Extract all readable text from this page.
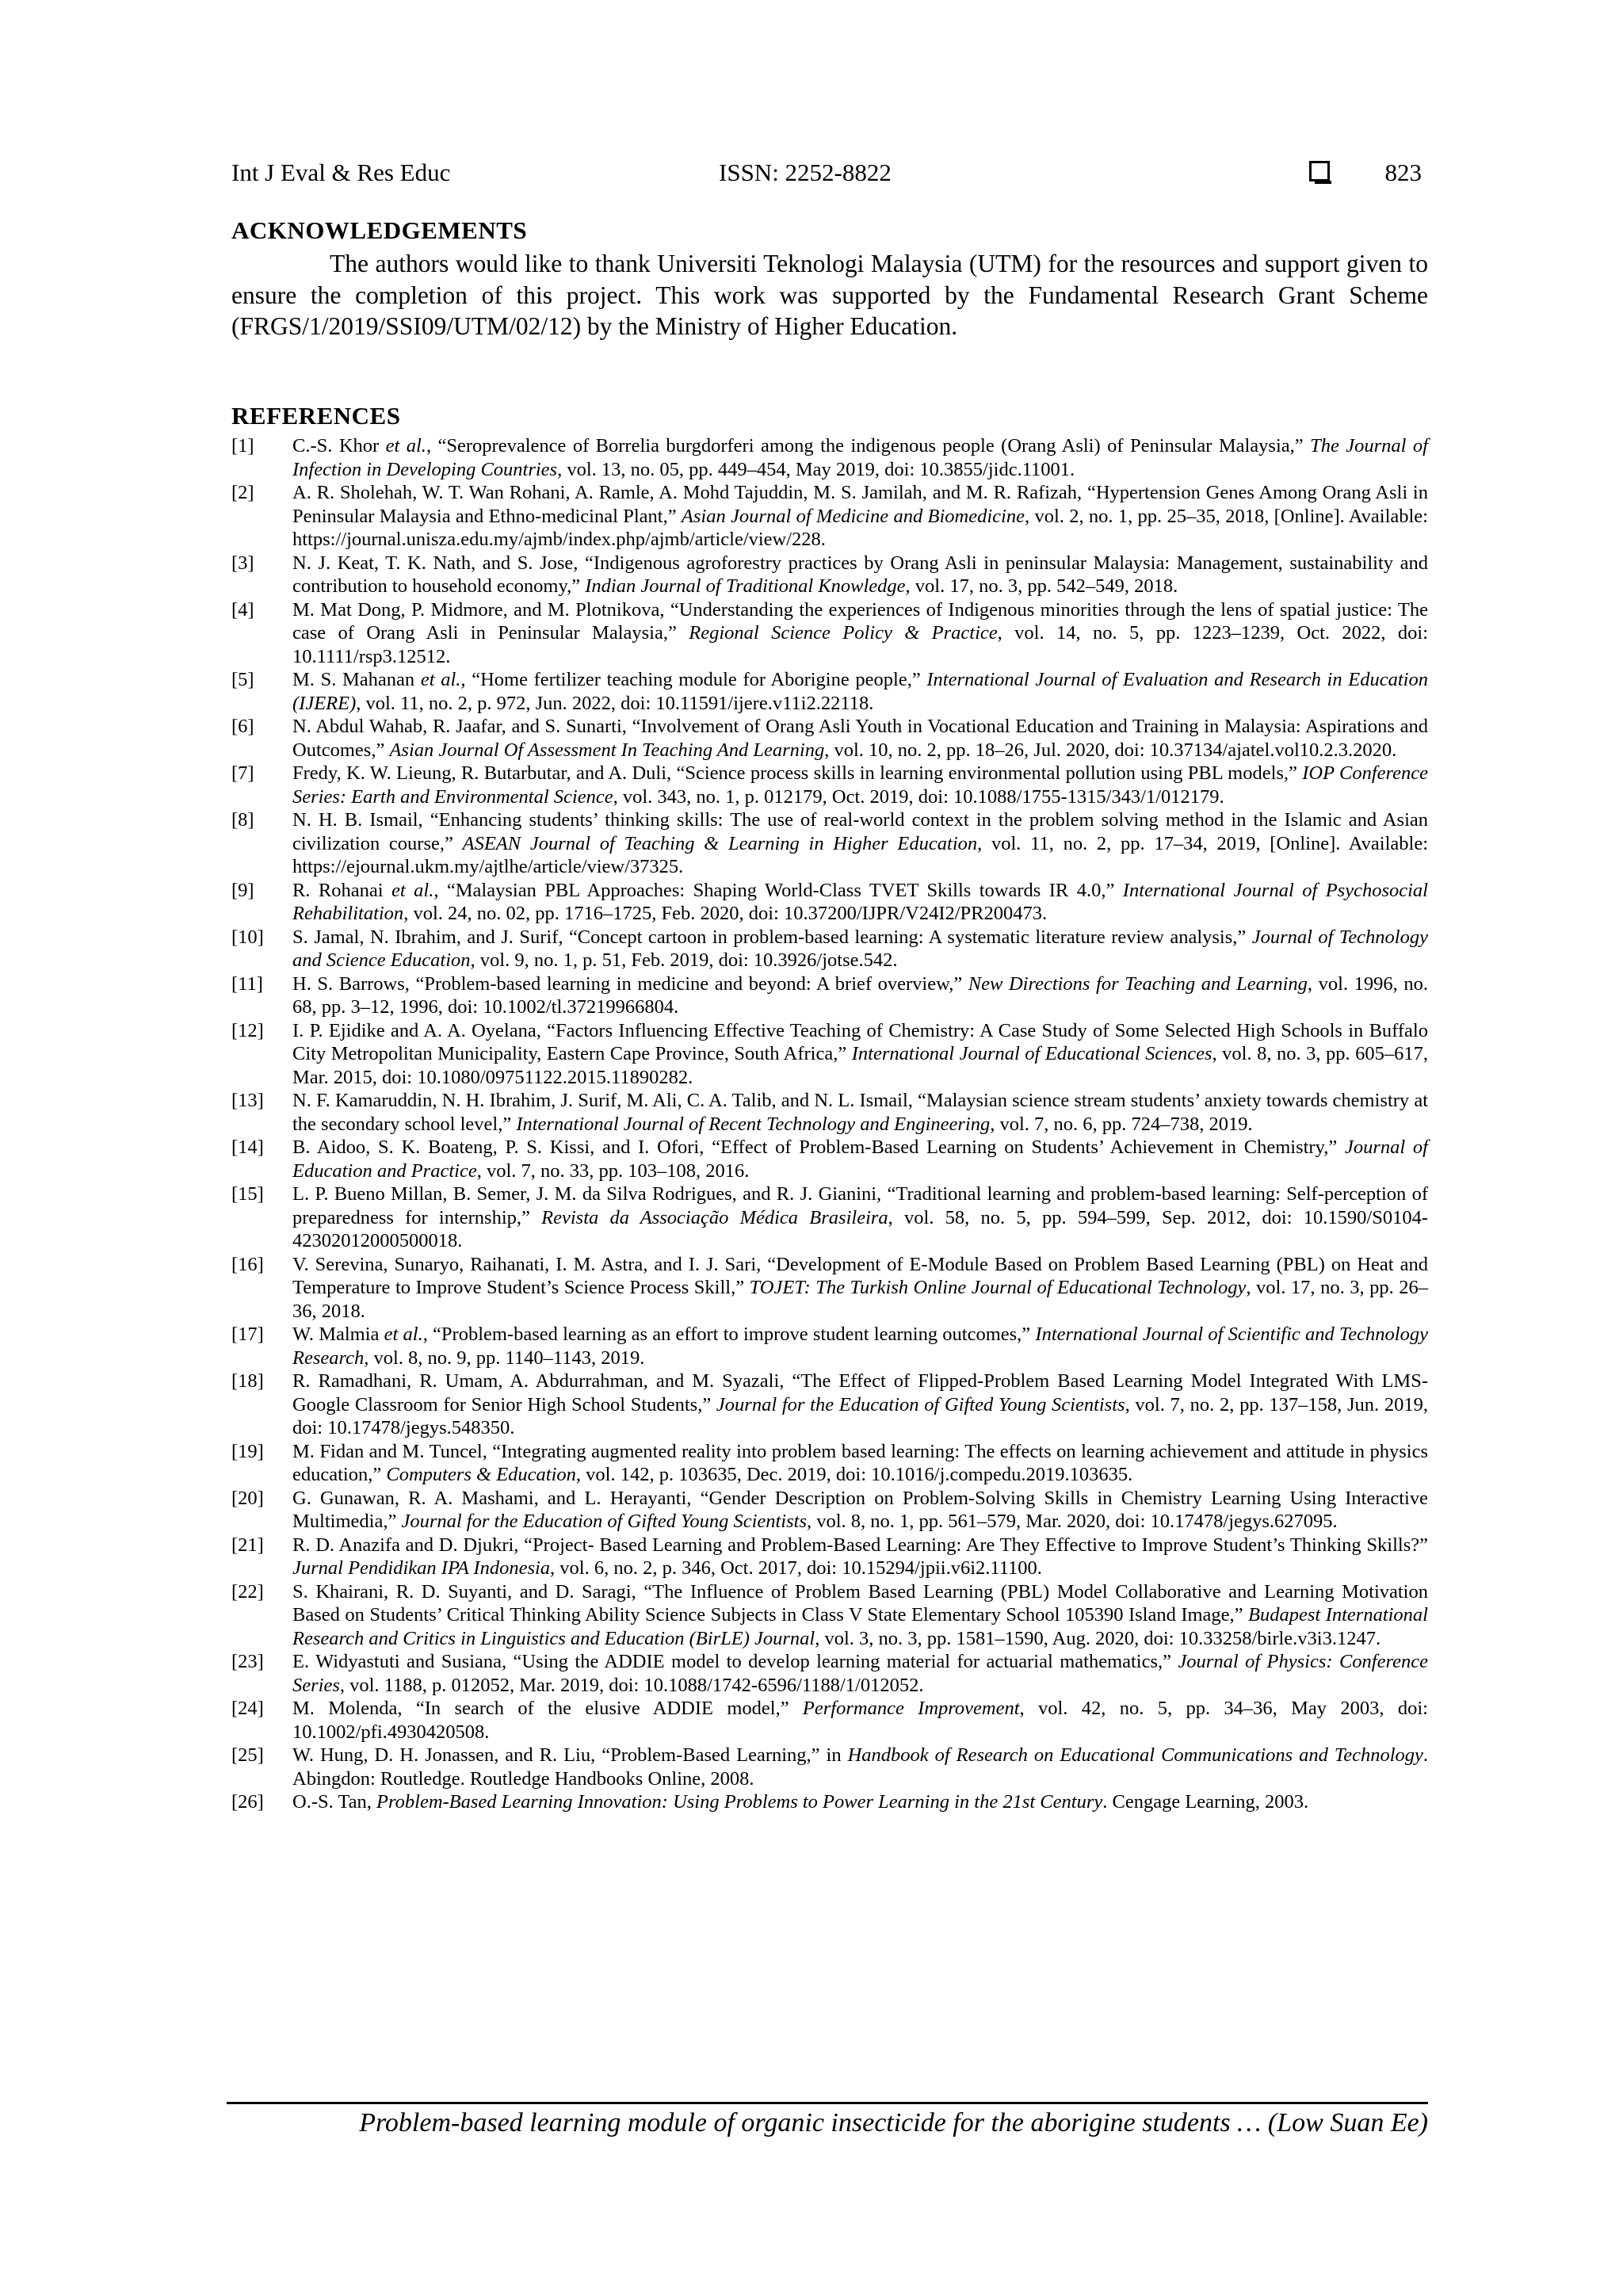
Int J Eval & Res Educ	ISSN: 2252-8822	823
ACKNOWLEDGEMENTS
The authors would like to thank Universiti Teknologi Malaysia (UTM) for the resources and support given to ensure the completion of this project. This work was supported by the Fundamental Research Grant Scheme (FRGS/1/2019/SSI09/UTM/02/12) by the Ministry of Higher Education.
REFERENCES
[1] C.-S. Khor et al., “Seroprevalence of Borrelia burgdorferi among the indigenous people (Orang Asli) of Peninsular Malaysia,” The Journal of Infection in Developing Countries, vol. 13, no. 05, pp. 449–454, May 2019, doi: 10.3855/jidc.11001.
[2] A. R. Sholehah, W. T. Wan Rohani, A. Ramle, A. Mohd Tajuddin, M. S. Jamilah, and M. R. Rafizah, “Hypertension Genes Among Orang Asli in Peninsular Malaysia and Ethno-medicinal Plant,” Asian Journal of Medicine and Biomedicine, vol. 2, no. 1, pp. 25–35, 2018, [Online]. Available: https://journal.unisza.edu.my/ajmb/index.php/ajmb/article/view/228.
[3] N. J. Keat, T. K. Nath, and S. Jose, “Indigenous agroforestry practices by Orang Asli in peninsular Malaysia: Management, sustainability and contribution to household economy,” Indian Journal of Traditional Knowledge, vol. 17, no. 3, pp. 542–549, 2018.
[4] M. Mat Dong, P. Midmore, and M. Plotnikova, “Understanding the experiences of Indigenous minorities through the lens of spatial justice: The case of Orang Asli in Peninsular Malaysia,” Regional Science Policy & Practice, vol. 14, no. 5, pp. 1223–1239, Oct. 2022, doi: 10.1111/rsp3.12512.
[5] M. S. Mahanan et al., “Home fertilizer teaching module for Aborigine people,” International Journal of Evaluation and Research in Education (IJERE), vol. 11, no. 2, p. 972, Jun. 2022, doi: 10.11591/ijere.v11i2.22118.
[6] N. Abdul Wahab, R. Jaafar, and S. Sunarti, “Involvement of Orang Asli Youth in Vocational Education and Training in Malaysia: Aspirations and Outcomes,” Asian Journal Of Assessment In Teaching And Learning, vol. 10, no. 2, pp. 18–26, Jul. 2020, doi: 10.37134/ajatel.vol10.2.3.2020.
[7] Fredy, K. W. Lieung, R. Butarbutar, and A. Duli, “Science process skills in learning environmental pollution using PBL models,” IOP Conference Series: Earth and Environmental Science, vol. 343, no. 1, p. 012179, Oct. 2019, doi: 10.1088/1755-1315/343/1/012179.
[8] N. H. B. Ismail, “Enhancing students’ thinking skills: The use of real-world context in the problem solving method in the Islamic and Asian civilization course,” ASEAN Journal of Teaching & Learning in Higher Education, vol. 11, no. 2, pp. 17–34, 2019, [Online]. Available: https://ejournal.ukm.my/ajtlhe/article/view/37325.
[9] R. Rohanai et al., “Malaysian PBL Approaches: Shaping World-Class TVET Skills towards IR 4.0,” International Journal of Psychosocial Rehabilitation, vol. 24, no. 02, pp. 1716–1725, Feb. 2020, doi: 10.37200/IJPR/V24I2/PR200473.
[10] S. Jamal, N. Ibrahim, and J. Surif, “Concept cartoon in problem-based learning: A systematic literature review analysis,” Journal of Technology and Science Education, vol. 9, no. 1, p. 51, Feb. 2019, doi: 10.3926/jotse.542.
[11] H. S. Barrows, “Problem-based learning in medicine and beyond: A brief overview,” New Directions for Teaching and Learning, vol. 1996, no. 68, pp. 3–12, 1996, doi: 10.1002/tl.37219966804.
[12] I. P. Ejidike and A. A. Oyelana, “Factors Influencing Effective Teaching of Chemistry: A Case Study of Some Selected High Schools in Buffalo City Metropolitan Municipality, Eastern Cape Province, South Africa,” International Journal of Educational Sciences, vol. 8, no. 3, pp. 605–617, Mar. 2015, doi: 10.1080/09751122.2015.11890282.
[13] N. F. Kamaruddin, N. H. Ibrahim, J. Surif, M. Ali, C. A. Talib, and N. L. Ismail, “Malaysian science stream students’ anxiety towards chemistry at the secondary school level,” International Journal of Recent Technology and Engineering, vol. 7, no. 6, pp. 724–738, 2019.
[14] B. Aidoo, S. K. Boateng, P. S. Kissi, and I. Ofori, “Effect of Problem-Based Learning on Students’ Achievement in Chemistry,” Journal of Education and Practice, vol. 7, no. 33, pp. 103–108, 2016.
[15] L. P. Bueno Millan, B. Semer, J. M. da Silva Rodrigues, and R. J. Gianini, “Traditional learning and problem-based learning: Self-perception of preparedness for internship,” Revista da Associação Médica Brasileira, vol. 58, no. 5, pp. 594–599, Sep. 2012, doi: 10.1590/S0104-42302012000500018.
[16] V. Serevina, Sunaryo, Raihanati, I. M. Astra, and I. J. Sari, “Development of E-Module Based on Problem Based Learning (PBL) on Heat and Temperature to Improve Student’s Science Process Skill,” TOJET: The Turkish Online Journal of Educational Technology, vol. 17, no. 3, pp. 26–36, 2018.
[17] W. Malmia et al., “Problem-based learning as an effort to improve student learning outcomes,” International Journal of Scientific and Technology Research, vol. 8, no. 9, pp. 1140–1143, 2019.
[18] R. Ramadhani, R. Umam, A. Abdurrahman, and M. Syazali, “The Effect of Flipped-Problem Based Learning Model Integrated With LMS-Google Classroom for Senior High School Students,” Journal for the Education of Gifted Young Scientists, vol. 7, no. 2, pp. 137–158, Jun. 2019, doi: 10.17478/jegys.548350.
[19] M. Fidan and M. Tuncel, “Integrating augmented reality into problem based learning: The effects on learning achievement and attitude in physics education,” Computers & Education, vol. 142, p. 103635, Dec. 2019, doi: 10.1016/j.compedu.2019.103635.
[20] G. Gunawan, R. A. Mashami, and L. Herayanti, “Gender Description on Problem-Solving Skills in Chemistry Learning Using Interactive Multimedia,” Journal for the Education of Gifted Young Scientists, vol. 8, no. 1, pp. 561–579, Mar. 2020, doi: 10.17478/jegys.627095.
[21] R. D. Anazifa and D. Djukri, “Project- Based Learning and Problem-Based Learning: Are They Effective to Improve Student’s Thinking Skills?” Jurnal Pendidikan IPA Indonesia, vol. 6, no. 2, p. 346, Oct. 2017, doi: 10.15294/jpii.v6i2.11100.
[22] S. Khairani, R. D. Suyanti, and D. Saragi, “The Influence of Problem Based Learning (PBL) Model Collaborative and Learning Motivation Based on Students’ Critical Thinking Ability Science Subjects in Class V State Elementary School 105390 Island Image,” Budapest International Research and Critics in Linguistics and Education (BirLE) Journal, vol. 3, no. 3, pp. 1581–1590, Aug. 2020, doi: 10.33258/birle.v3i3.1247.
[23] E. Widyastuti and Susiana, “Using the ADDIE model to develop learning material for actuarial mathematics,” Journal of Physics: Conference Series, vol. 1188, p. 012052, Mar. 2019, doi: 10.1088/1742-6596/1188/1/012052.
[24] M. Molenda, “In search of the elusive ADDIE model,” Performance Improvement, vol. 42, no. 5, pp. 34–36, May 2003, doi: 10.1002/pfi.4930420508.
[25] W. Hung, D. H. Jonassen, and R. Liu, “Problem-Based Learning,” in Handbook of Research on Educational Communications and Technology. Abingdon: Routledge. Routledge Handbooks Online, 2008.
[26] O.-S. Tan, Problem-Based Learning Innovation: Using Problems to Power Learning in the 21st Century. Cengage Learning, 2003.
Problem-based learning module of organic insecticide for the aborigine students … (Low Suan Ee)
